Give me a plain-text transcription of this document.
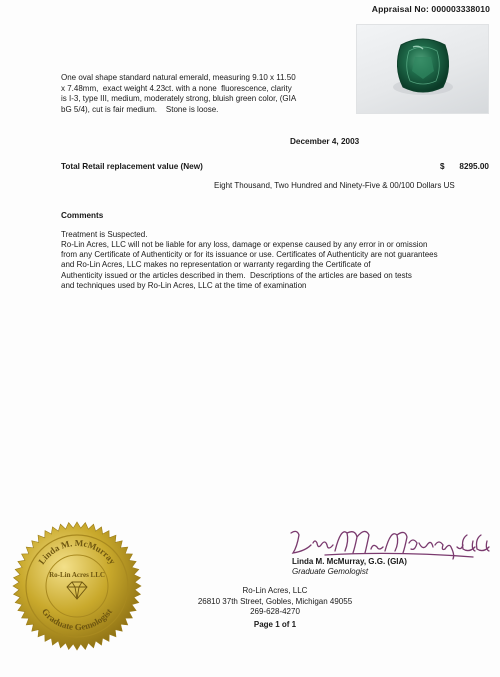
Appraisal No: 000003338010
One oval shape standard natural emerald, measuring 9.10 x 11.50
x 7.48mm,  exact weight 4.23ct. with a none  fluorescence, clarity
is I-3, type III, medium, moderately strong, bluish green color, (GIA
bG 5/4), cut is fair medium.    Stone is loose.
December 4, 2003
Total Retail replacement value (New)	$	8295.00
Eight Thousand, Two Hundred and Ninety-Five & 00/100 Dollars US
Comments
Treatment is Suspected.
Ro-Lin Acres, LLC will not be liable for any loss, damage or expense caused by any error in or omission
from any Certificate of Authenticity or for its issuance or use. Certificates of Authenticity are not guarantees
and Ro-Lin Acres, LLC makes no representation or warranty regarding the Certificate of
Authenticity issued or the articles described in them.  Descriptions of the articles are based on tests
and techniques used by Ro-Lin Acres, LLC at the time of examination
Linda M. McMurray
Graduate Gemologist
Ro-Lin Acres LLC
Linda M. McMurray, G.G. (GIA)
Graduate Gemologist
Ro-Lin Acres, LLC
26810 37th Street, Gobles, Michigan 49055
269-628-4270
Page 1 of 1
